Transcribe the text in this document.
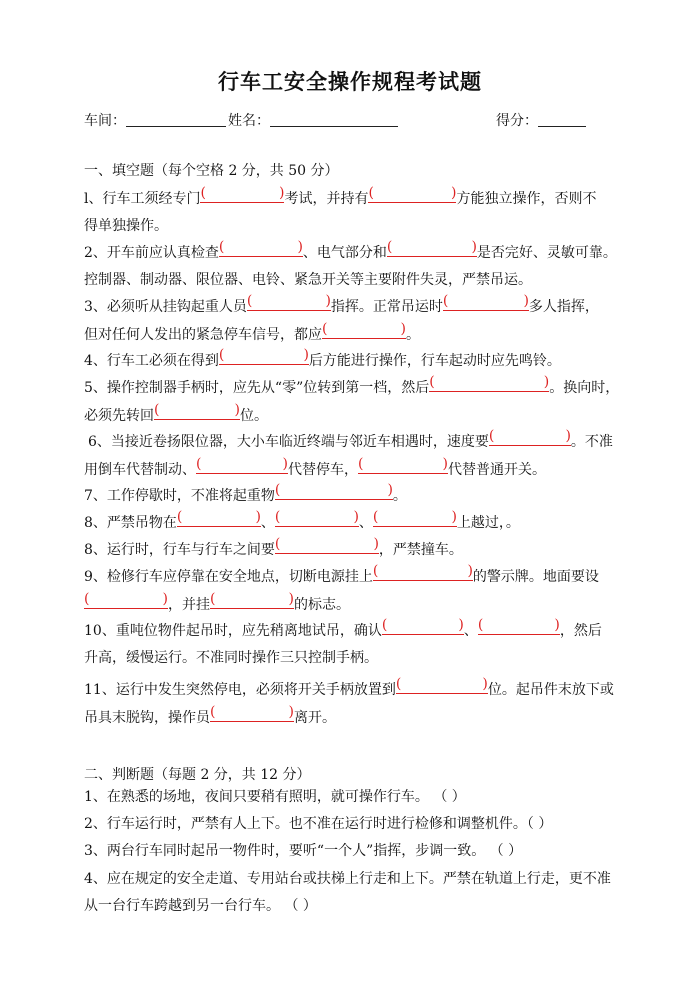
行车工安全操作规程考试题
车间：	姓名：	得分：
一、填空题（每个空格 2 分，共 50 分）
l、行车工须经专门 (	) 考试，并持有 (	) 方能独立操作，否则不
得单独操作。
2、开车前应认真检查 (	) 、电气部分和 (	) 是否完好、灵敏可靠。
控制器、制动器、限位器、电铃、紧急开关等主要附件失灵，严禁吊运。
3、必须听从挂钩起重人员 (	) 指挥。正常吊运时 (	) 多人指挥，
但对任何人发出的紧急停车信号，都应 (	) 。
4、行车工必须在得到 (	) 后方能进行操作，行车起动时应先鸣铃。
5、操作控制器手柄时，应先从“零”位转到第一档，然后 (	) 。换向时，
必须先转回 (	) 位。
6、当接近卷扬限位器，大小车临近终端与邻近车相遇时，速度要 (	) 。不准
用倒车代替制动、 (	) 代替停车， (	) 代替普通开关。
7、工作停歇时，不准将起重物 (	) 。
8、严禁吊物在 (	) 、 (	) 、 (	) 上越过，。
8、运行时，行车与行车之间要 (	) ，严禁撞车。
9、检修行车应停靠在安全地点，切断电源挂上 (	) 的警示牌。地面要设

(	) ，并挂 (	) 的标志。
10、重吨位物件起吊时，应先稍离地试吊，确认 (	) 、 (	) ，然后
升高，缓慢运行。不准同时操作三只控制手柄。
11、运行中发生突然停电，必须将开关手柄放置到 (	) 位。起吊件末放下或
吊具末脱钩，操作员 (	) 离开。
二、判断题（每题 2 分，共 12 分）
1、在熟悉的场地，夜间只要稍有照明，就可操作行车。 （ ）
2、行车运行时，严禁有人上下。也不准在运行时进行检修和调整机件。（ ）
3、两台行车同时起吊一物件时，要听“一个人”指挥，步调一致。 （ ）
4、应在规定的安全走道、专用站台或扶梯上行走和上下。严禁在轨道上行走，更不准
从一台行车跨越到另一台行车。 （ ）
